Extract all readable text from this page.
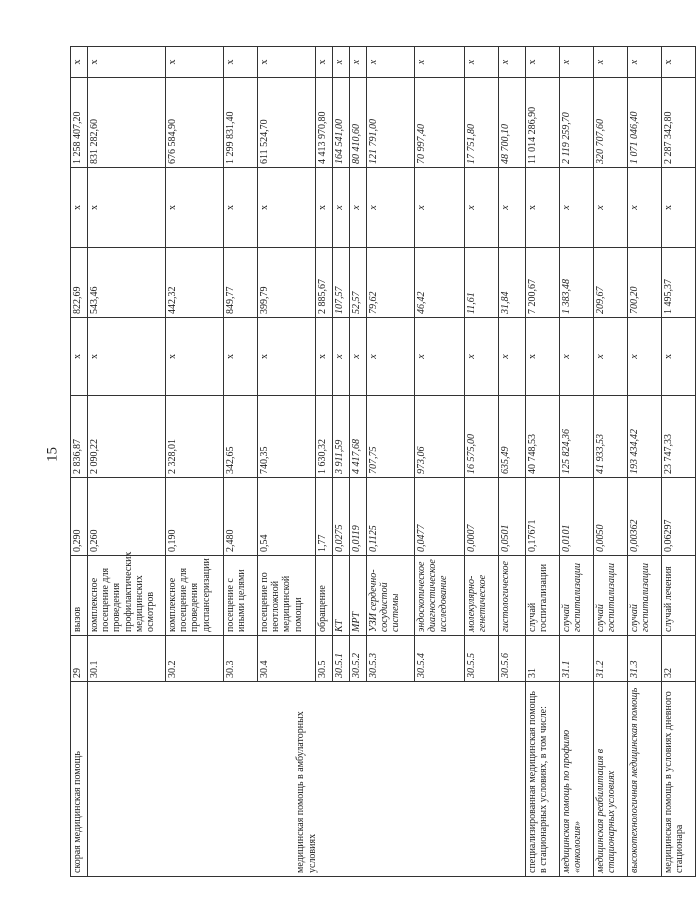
15
скорая медицинская помощь	29	вызов	0,290	2 836,87	x	822,69	x	1 258 407,20	x
медицинская помощь в амбулаторных условиях	30.1	комплексное посещение для проведения профилактических медицинских осмотров	0,260	2 090,22	x	543,46	x	831 282,60	x
	30.2	комплексное посещение для проведения диспансеризации	0,190	2 328,01	x	442,32	x	676 584,90	x
	30.3	посещение с иными целями	2,480	342,65	x	849,77	x	1 299 831,40	x
	30.4	посещение по неотложной медицинской помощи	0,54	740,35	x	399,79	x	611 524,70	x
	30.5	обращение	1,77	1 630,32	x	2 885,67	x	4 413 970,80	x
	30.5.1	КТ	0,0275	3 911,59	x	107,57	x	164 541,00	x
	30.5.2	МРТ	0,0119	4 417,68	x	52,57	x	80 410,60	x
	30.5.3	УЗИ сердечно-сосудистой системы	0,1125	707,75	x	79,62	x	121 791,00	x
	30.5.4	эндоскопическое диагностическое исследование	0,0477	973,06	x	46,42	x	70 997,40	x
	30.5.5	молекулярно-генетическое	0,0007	16 575,00	x	11,61	x	17 751,80	x
	30.5.6	гистологическое	0,0501	635,49	x	31,84	x	48 700,10	x
специализированная медицинская помощь в стационарных условиях, в том числе:	31	случай госпитализации	0,17671	40 748,53	x	7 200,67	x	11 014 286,90	x
медицинская помощь по профилю «онкология»	31.1	случай госпитализации	0,0101	125 824,36	x	1 383,48	x	2 119 259,70	x
медицинская реабилитация в стационарных условиях	31.2	случай госпитализации	0,0050	41 933,53	x	209,67	x	320 707,60	x
высокотехнологичная медицинская помощь	31.3	случай госпитализации	0,00362	193 434,42	x	700,20	x	1 071 046,40	x
медицинская помощь в условиях дневного стационара	32	случай лечения	0,06297	23 747,33	x	1 495,37	x	2 287 342,80	x
